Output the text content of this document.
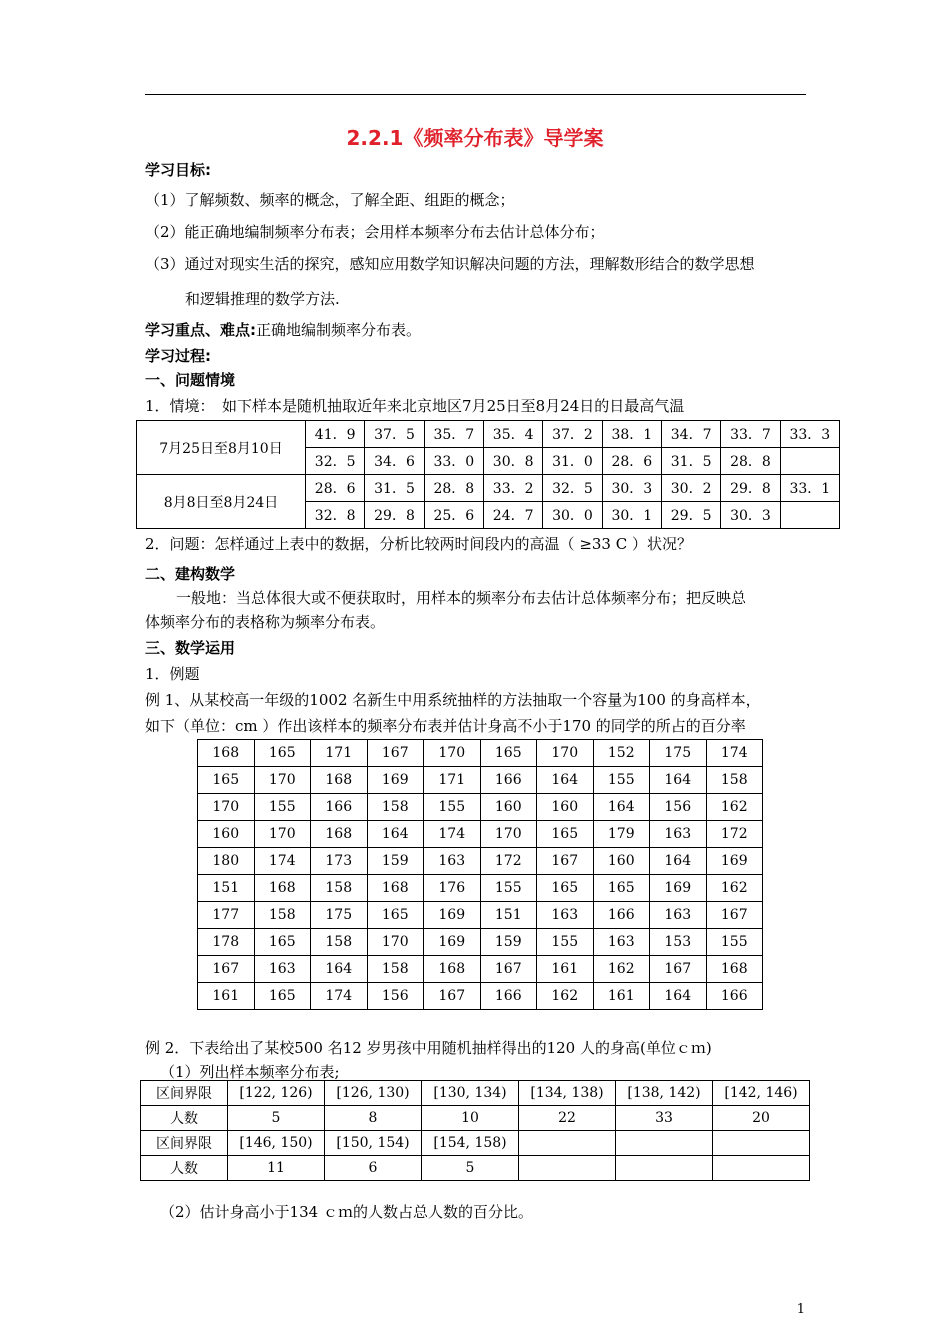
2.2.1《频率分布表》导学案
学习目标:
（1）了解频数、频率的概念，了解全距、组距的概念；
（2）能正确地编制频率分布表；会用样本频率分布去估计总体分布；
（3）通过对现实生活的探究，感知应用数学知识解决问题的方法，理解数形结合的数学思想
和逻辑推理的数学方法.
学习重点、难点:正确地编制频率分布表。
学习过程:
一、问题情境
1．情境：　如下样本是随机抽取近年来北京地区7月25日至8月24日的日最高气温
7月25日至8月10日	41．9	37．5	35．7	35．4	37．2	38．1	34．7	33．7	33．3
	32．5	34．6	33．0	30．8	31．0	28．6	31．5	28．8	
8月8日至8月24日	28．6	31．5	28．8	33．2	32．5	30．3	30．2	29．8	33．1
	32．8	29．8	25．6	24．7	30．0	30．1	29．5	30．3	
2．问题：怎样通过上表中的数据，分析比较两时间段内的高温（ ≥33 C ）状况？
二、建构数学
一般地：当总体很大或不便获取时，用样本的频率分布去估计总体频率分布；把反映总
体频率分布的表格称为频率分布表。
三、数学运用
1．例题
例 1、从某校高一年级的1002 名新生中用系统抽样的方法抽取一个容量为100 的身高样本，
如下（单位：cm ）作出该样本的频率分布表并估计身高不小于170 的同学的所占的百分率
168	165	171	167	170	165	170	152	175	174
165	170	168	169	171	166	164	155	164	158
170	155	166	158	155	160	160	164	156	162
160	170	168	164	174	170	165	179	163	172
180	174	173	159	163	172	167	160	164	169
151	168	158	168	176	155	165	165	169	162
177	158	175	165	169	151	163	166	163	167
178	165	158	170	169	159	155	163	153	155
167	163	164	158	168	167	161	162	167	168
161	165	174	156	167	166	162	161	164	166
例 2．下表给出了某校500 名12 岁男孩中用随机抽样得出的120 人的身高(单位ｃｍ)
（1）列出样本频率分布表;
区间界限	[122, 126)	[126, 130)	[130, 134)	[134, 138)	[138, 142)	[142, 146)
人数	5	8	10	22	33	20
区间界限	[146, 150)	[150, 154)	[154, 158)			
人数	11	6	5			
（2）估计身高小于134 ｃｍ的人数占总人数的百分比。
1
